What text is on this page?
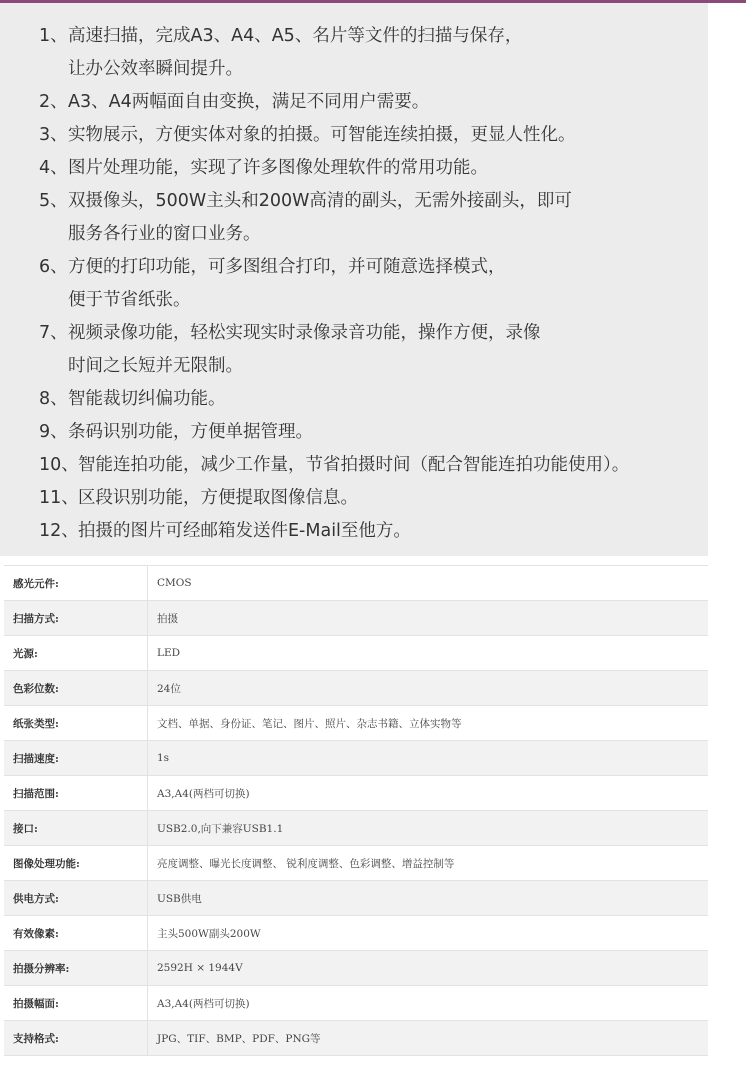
1、 高速扫描，完成A3、A4、A5、名片等文件的扫描与保存，
让办公效率瞬间提升。
2、 A3、A4两幅面自由变换，满足不同用户需要。
3、 实物展示，方便实体对象的拍摄。可智能连续拍摄，更显人性化。
4、 图片处理功能，实现了许多图像处理软件的常用功能。
5、 双摄像头，500W主头和200W高清的副头，无需外接副头，即可
服务各行业的窗口业务。
6、 方便的打印功能，可多图组合打印，并可随意选择模式，
便于节省纸张。
7、 视频录像功能，轻松实现实时录像录音功能，操作方便，录像
时间之长短并无限制。
8、 智能裁切纠偏功能。
9、 条码识别功能，方便单据管理。
10、 智能连拍功能，减少工作量，节省拍摄时间（配合智能连拍功能使用）。
11、 区段识别功能，方便提取图像信息。
12、 拍摄的图片可经邮箱发送件E-Mail至他方。
感光元件:	CMOS
扫描方式:	拍摄
光源:	LED
色彩位数:	24位
纸张类型:	文档、单据、身份证、笔记、图片、照片、杂志书籍、立体实物等
扫描速度:	1s
扫描范围:	A3,A4(两档可切换)
接口:	USB2.0,向下兼容USB1.1
图像处理功能:	亮度调整、曝光长度调整、 锐利度调整、色彩调整、增益控制等
供电方式:	USB供电
有效像素:	主头500W副头200W
拍摄分辨率:	2592H × 1944V
拍摄幅面:	A3,A4(两档可切换)
支持格式:	JPG、TIF、BMP、PDF、PNG等
